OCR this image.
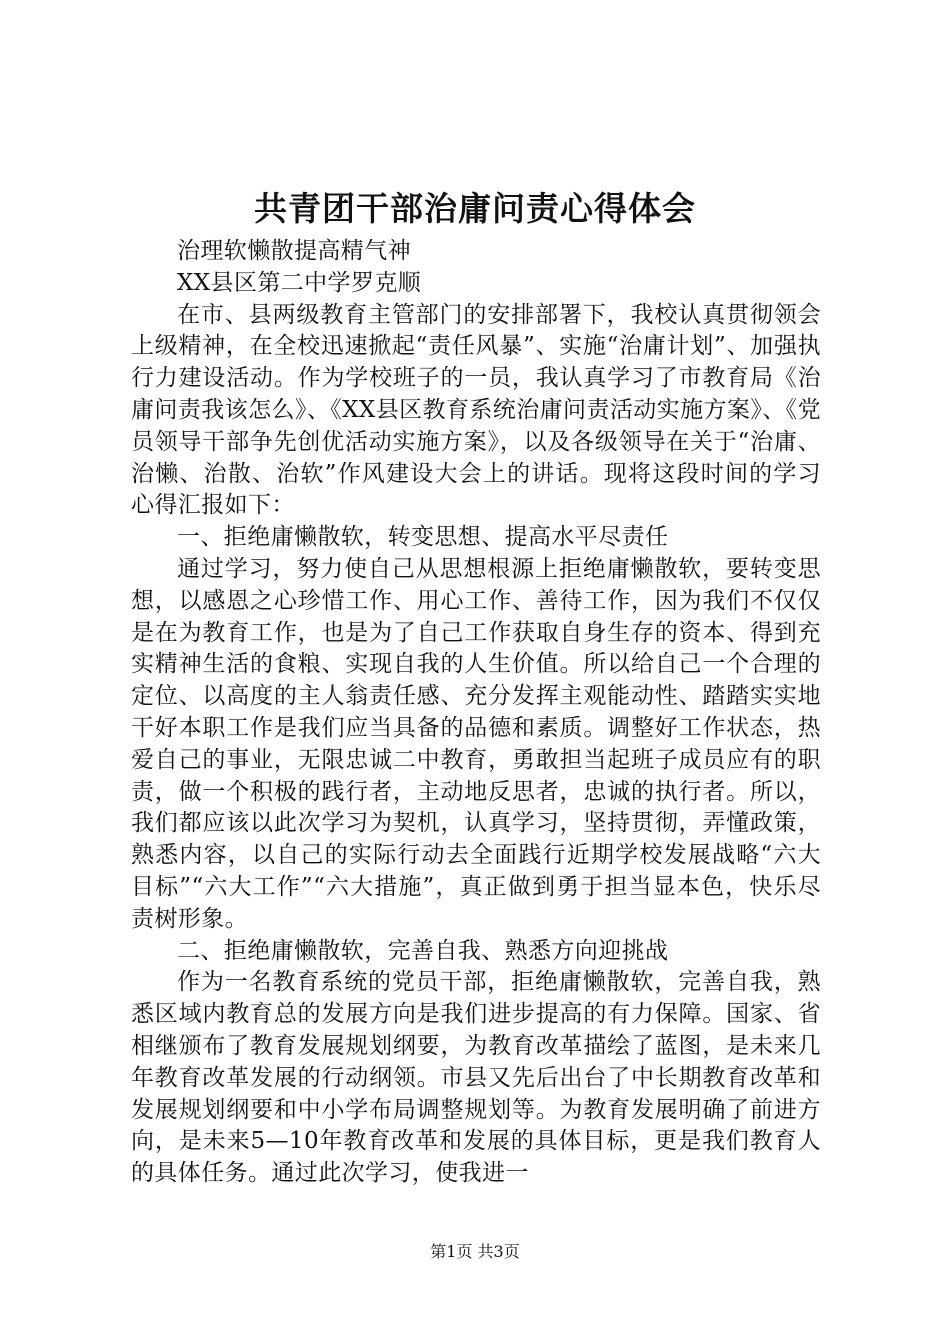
共青团干部治庸问责心得体会

治理软懒散提高精气神

XX县区第二中学罗克顺

在市、县两级教育主管部门的安排部署下，我校认真贯彻领会上级精神，在全校迅速掀起“责任风暴”、实施“治庸计划”、加强执行力建设活动。作为学校班子的一员，我认真学习了市教育局《治庸问责我该怎么》、《XX县区教育系统治庸问责活动实施方案》、《党员领导干部争先创优活动实施方案》，以及各级领导在关于“治庸、治懒、治散、治软”作风建设大会上的讲话。现将这段时间的学习心得汇报如下：

一、拒绝庸懒散软，转变思想、提高水平尽责任

通过学习，努力使自己从思想根源上拒绝庸懒散软，要转变思想，以感恩之心珍惜工作、用心工作、善待工作，因为我们不仅仅是在为教育工作，也是为了自己工作获取自身生存的资本、得到充实精神生活的食粮、实现自我的人生价值。所以给自己一个合理的定位、以高度的主人翁责任感、充分发挥主观能动性、踏踏实实地干好本职工作是我们应当具备的品德和素质。调整好工作状态，热爱自己的事业，无限忠诚二中教育，勇敢担当起班子成员应有的职责，做一个积极的践行者，主动地反思者，忠诚的执行者。所以，我们都应该以此次学习为契机，认真学习，坚持贯彻，弄懂政策，熟悉内容，以自己的实际行动去全面践行近期学校发展战略“六大目标”“六大工作”“六大措施”，真正做到勇于担当显本色，快乐尽责树形象。

二、拒绝庸懒散软，完善自我、熟悉方向迎挑战

作为一名教育系统的党员干部，拒绝庸懒散软，完善自我，熟悉区域内教育总的发展方向是我们进步提高的有力保障。国家、省相继颁布了教育发展规划纲要，为教育改革描绘了蓝图，是未来几年教育改革发展的行动纲领。市县又先后出台了中长期教育改革和发展规划纲要和中小学布局调整规划等。为教育发展明确了前进方向，是未来5—10年教育改革和发展的具体目标，更是我们教育人的具体任务。通过此次学习，使我进一

第1页 共3页
